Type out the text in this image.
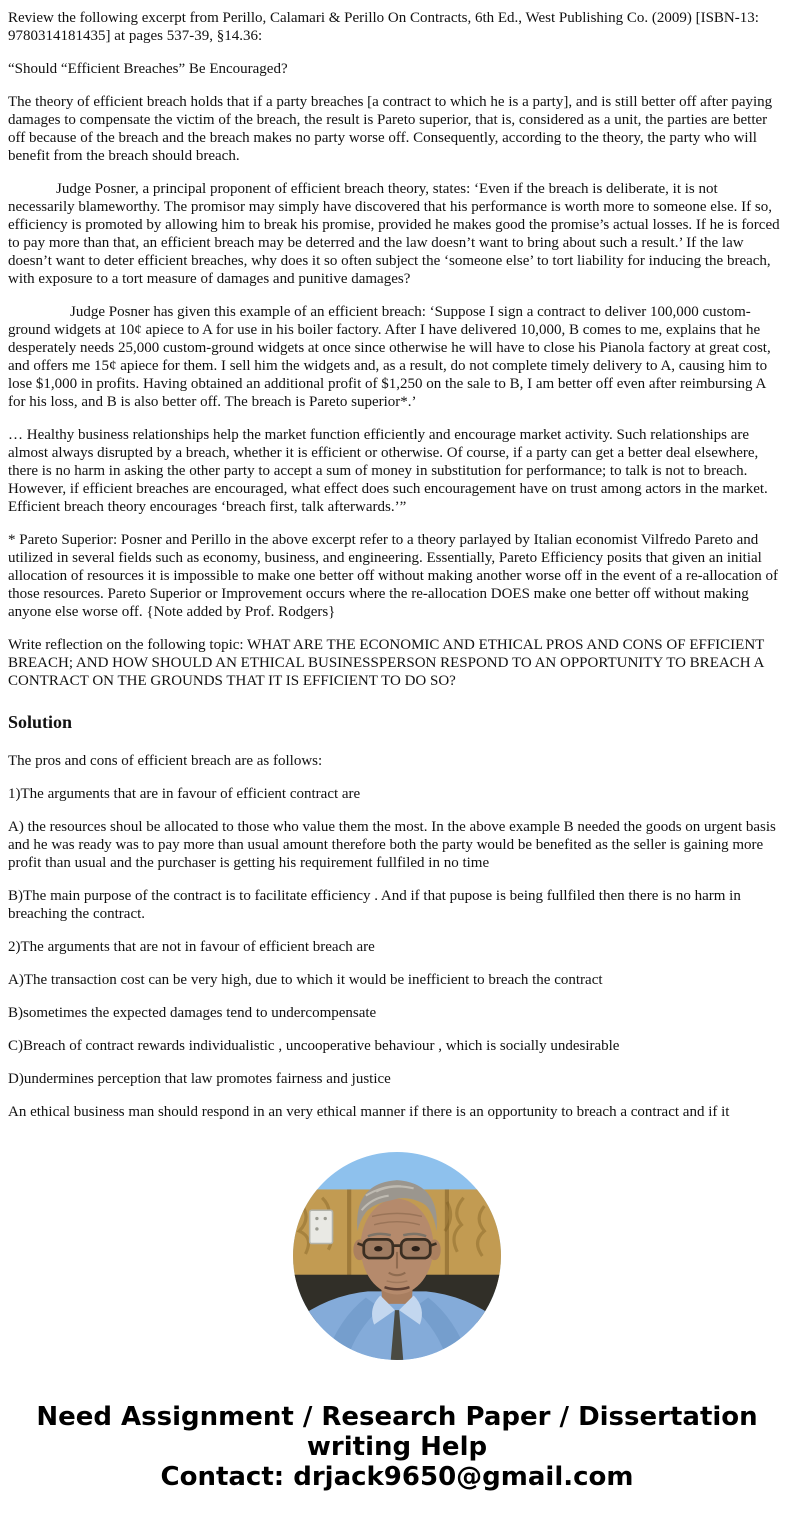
Review the following excerpt from Perillo, Calamari & Perillo On Contracts, 6th Ed., West Publishing Co. (2009) [ISBN-13: 9780314181435] at pages 537-39, §14.36:

“Should “Efficient Breaches” Be Encouraged?

The theory of efficient breach holds that if a party breaches [a contract to which he is a party], and is still better off after paying damages to compensate the victim of the breach, the result is Pareto superior, that is, considered as a unit, the parties are better off because of the breach and the breach makes no party worse off. Consequently, according to the theory, the party who will benefit from the breach should breach.

Judge Posner, a principal proponent of efficient breach theory, states: ‘Even if the breach is deliberate, it is not necessarily blameworthy. The promisor may simply have discovered that his performance is worth more to someone else. If so, efficiency is promoted by allowing him to break his promise, provided he makes good the promise’s actual losses. If he is forced to pay more than that, an efficient breach may be deterred and the law doesn’t want to bring about such a result.’ If the law doesn’t want to deter efficient breaches, why does it so often subject the ‘someone else’ to tort liability for inducing the breach, with exposure to a tort measure of damages and punitive damages?

Judge Posner has given this example of an efficient breach: ‘Suppose I sign a contract to deliver 100,000 custom-ground widgets at 10¢ apiece to A for use in his boiler factory. After I have delivered 10,000, B comes to me, explains that he desperately needs 25,000 custom-ground widgets at once since otherwise he will have to close his Pianola factory at great cost, and offers me 15¢ apiece for them. I sell him the widgets and, as a result, do not complete timely delivery to A, causing him to lose $1,000 in profits. Having obtained an additional profit of $1,250 on the sale to B, I am better off even after reimbursing A for his loss, and B is also better off. The breach is Pareto superior*.’

… Healthy business relationships help the market function efficiently and encourage market activity. Such relationships are almost always disrupted by a breach, whether it is efficient or otherwise. Of course, if a party can get a better deal elsewhere, there is no harm in asking the other party to accept a sum of money in substitution for performance; to talk is not to breach. However, if efficient breaches are encouraged, what effect does such encouragement have on trust among actors in the market. Efficient breach theory encourages ‘breach first, talk afterwards.’”

* Pareto Superior: Posner and Perillo in the above excerpt refer to a theory parlayed by Italian economist Vilfredo Pareto and utilized in several fields such as economy, business, and engineering. Essentially, Pareto Efficiency posits that given an initial allocation of resources it is impossible to make one better off without making another worse off in the event of a re-allocation of those resources. Pareto Superior or Improvement occurs where the re-allocation DOES make one better off without making anyone else worse off. {Note added by Prof. Rodgers}

Write reflection on the following topic: WHAT ARE THE ECONOMIC AND ETHICAL PROS AND CONS OF EFFICIENT BREACH; AND HOW SHOULD AN ETHICAL BUSINESSPERSON RESPOND TO AN OPPORTUNITY TO BREACH A CONTRACT ON THE GROUNDS THAT IT IS EFFICIENT TO DO SO?

Solution

The pros and cons of efficient breach are as follows:

1)The arguments that are in favour of efficient contract are

A) the resources shoul be allocated to those who value them the most. In the above example B needed the goods on urgent basis and he was ready was to pay more than usual amount therefore both the party would be benefited as the seller is gaining more profit than usual and the purchaser is getting his requirement fullfiled in no time

B)The main purpose of the contract is to facilitate efficiency . And if that pupose is being fullfiled then there is no harm in breaching the contract.

2)The arguments that are not in favour of efficient breach are

A)The transaction cost can be very high, due to which it would be inefficient to breach the contract

B)sometimes the expected damages tend to undercompensate

C)Breach of contract rewards individualistic , uncooperative behaviour , which is socially undesirable

D)undermines perception that law promotes fairness and justice

An ethical business man should respond in an very ethical manner if there is an opportunity to breach a contract and if it

Need Assignment / Research Paper / Dissertation
writing Help
Contact: drjack9650@gmail.com
